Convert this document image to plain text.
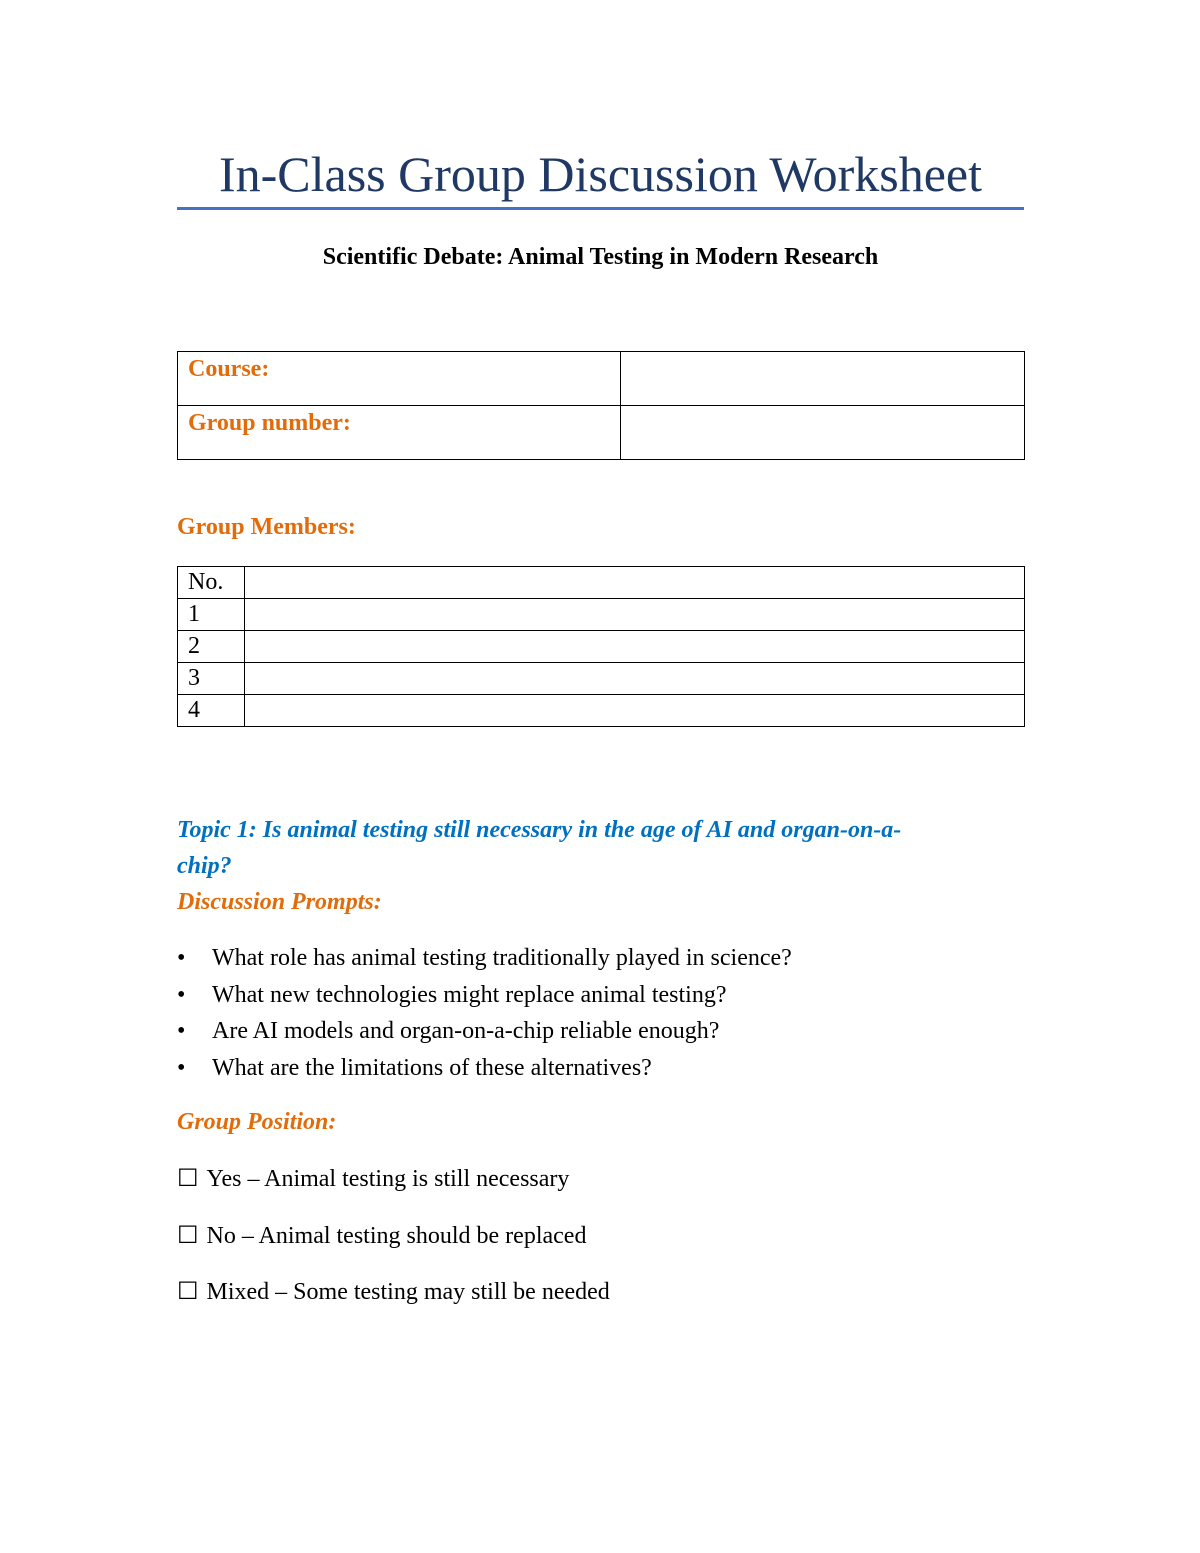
In-Class Group Discussion Worksheet
Scientific Debate: Animal Testing in Modern Research
Course:	
Group number:	
Group Members:
No.	
1	
2	
3	
4	
Topic 1: Is animal testing still necessary in the age of AI and organ-on-a-chip?
Discussion Prompts:
•	What role has animal testing traditionally played in science?
•	What new technologies might replace animal testing?
•	Are AI models and organ-on-a-chip reliable enough?
•	What are the limitations of these alternatives?
Group Position:
☐ Yes – Animal testing is still necessary
☐ No – Animal testing should be replaced
☐ Mixed – Some testing may still be needed
